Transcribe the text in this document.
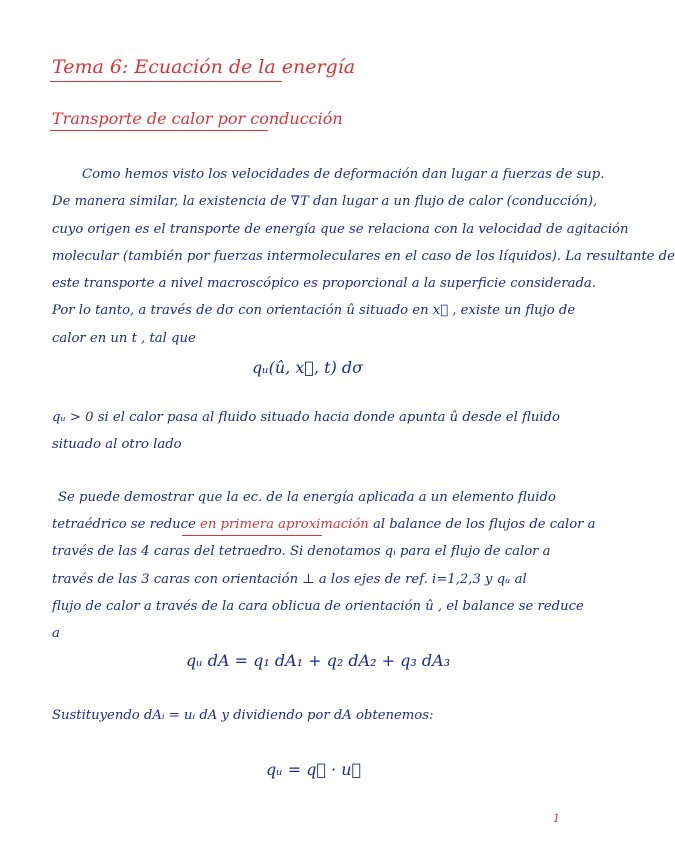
Tema 6: Ecuación de la energía
Transporte de calor por conducción
Como hemos visto los velocidades de deformación dan lugar a fuerzas de sup.
De manera similar, la existencia de ∇T dan lugar a un flujo de calor (conducción),
cuyo origen es el transporte de energía que se relaciona con la velocidad de agitación
molecular (también por fuerzas intermoleculares en el caso de los líquidos). La resultante de
este transporte a nivel macroscópico es proporcional a la superficie considerada.
Por lo tanto, a través de dσ con orientación û situado en x⃗ , existe un flujo de
calor en un t , tal que
qᵤ(û, x⃗, t) dσ
qᵤ > 0 si el calor pasa al fluido situado hacia donde apunta û desde el fluido
situado al otro lado
Se puede demostrar que la ec. de la energía aplicada a un elemento fluido
tetraédrico se reduce en primera aproximación al balance de los flujos de calor a
través de las 4 caras del tetraedro. Si denotamos qᵢ para el flujo de calor a
través de las 3 caras con orientación ⊥ a los ejes de ref. i=1,2,3 y qᵤ al
flujo de calor a través de la cara oblicua de orientación û , el balance se reduce
a
qᵤ dA = q₁ dA₁ + q₂ dA₂ + q₃ dA₃
Sustituyendo dAᵢ = uᵢ dA y dividiendo por dA obtenemos:
qᵤ = q⃗ · u⃗
1
